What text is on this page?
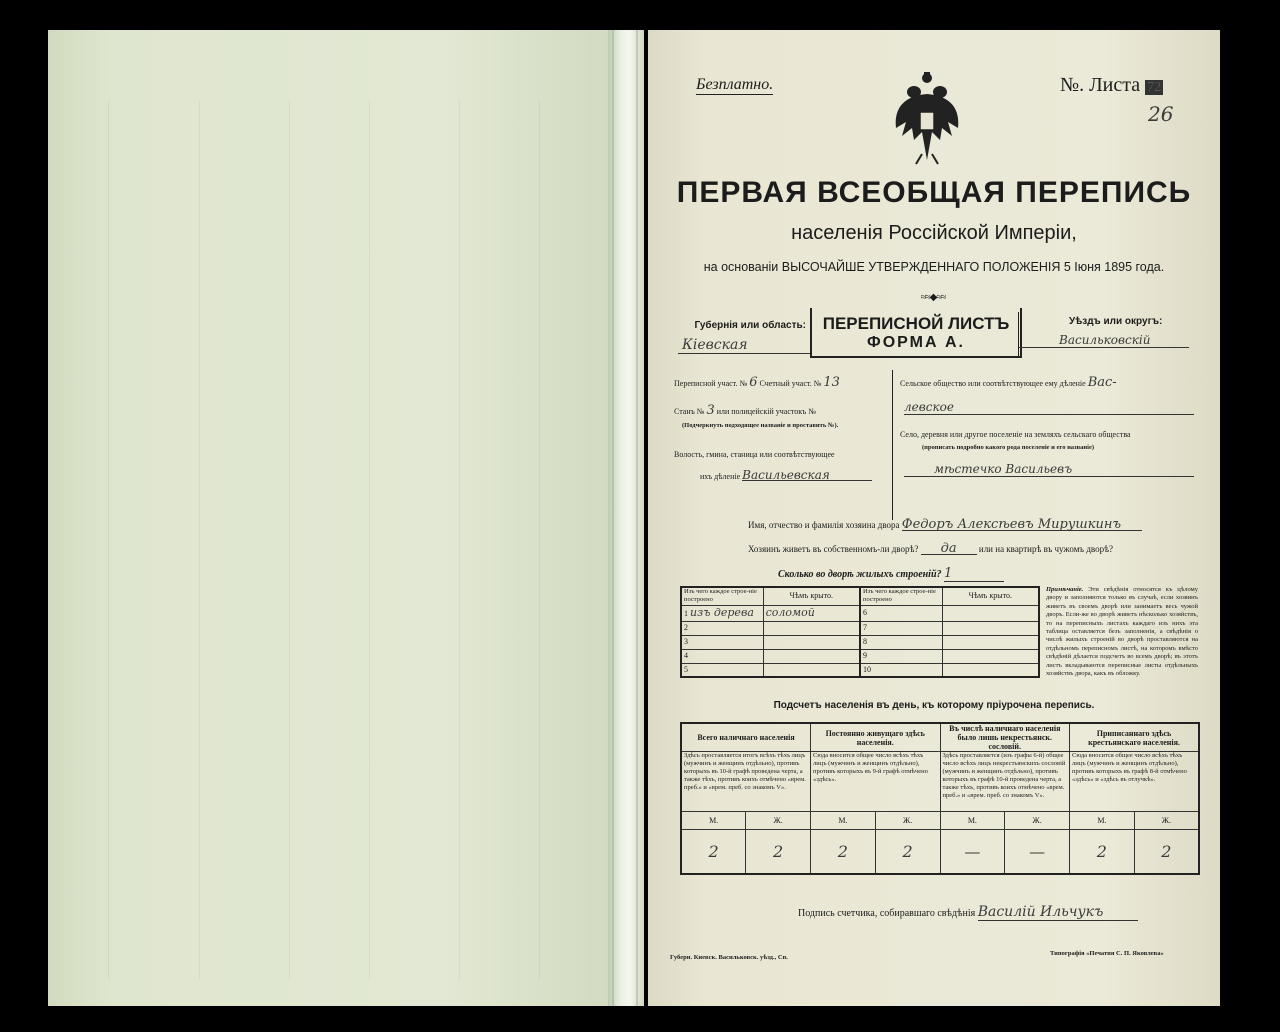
Безплатно.	№. Листа 72
26
ПЕРВАЯ ВСЕОБЩАЯ ПЕРЕПИСЬ
населенія Россійской Имперіи,
на основаніи ВЫСОЧАЙШЕ УТВЕРЖДЕННАГО ПОЛОЖЕНІЯ 5 Іюня 1895 года.
≈≈◆≈≈
Губернія или область:
Кіевская
ПЕРЕПИСНОЙ ЛИСТЪ
ФОРМА А.
Уѣздъ или округъ:
Васильковскій
Переписной участ. № 6 Счетный участ. № 13
Станъ № 3 или полицейскій участокъ №
(Подчеркнуть подходящее названіе и проставить №).
Волость, гмина, станица или соотвѣтствующее
ихъ дѣленіе Васильевская
Сельское общество или соотвѣтствующее ему дѣленіе Вас-
левское
Село, деревня или другое поселеніе на земляхъ сельскаго общества
(прописать подробно какого рода поселеніе и его названіе)
мѣстечко Васильевъ
Имя, отчество и фамилія хозяина двора Федоръ Алексѣевъ Мирушкинъ
Хозяинъ живетъ въ собственномъ-ли дворѣ? да или на квартирѣ въ чужомъ дворѣ?
Сколько во дворѣ жилыхъ строеній? 1
Изъ чего каждое строе-ніе построено	Чѣмъ крыто.	Изъ чего каждое строе-ніе построено	Чѣмъ крыто.
1 изъ дерева	соломой	6	
2		7	
3		8	
4		9	
5		10	
Примѣчаніе. Эти свѣдѣнія относятся къ цѣлому двору и заполняются только въ случаѣ, если хозяинъ живетъ въ своемъ дворѣ или занимаетъ весь чужой дворъ. Если-же во дворѣ живетъ нѣсколько хозяйствъ, то на переписныхъ листахъ каждаго изъ нихъ эта таблица оставляется безъ заполненія, а свѣдѣнія о числѣ жилыхъ строеній во дворѣ проставляются на отдѣльномъ переписномъ листѣ, на которомъ вмѣсто свѣдѣній дѣлается подсчетъ во всемъ дворѣ; въ этотъ листъ вкладываются переписные листы отдѣльныхъ хозяйствъ двора, какъ въ обложку.
Подсчетъ населенія въ день, къ которому пріурочена перепись.
Всего наличнаго населенія		Постоянно живущаго здѣсь населенія.		Въ числѣ наличнаго населенія было лишь некрестьянск. сословій.		Приписаннаго здѣсь крестьянскаго населенія.	
Здѣсь проставляется итогъ всѣхъ тѣхъ лицъ (мужчинъ и женщинъ отдѣльно), противъ которыхъ въ 10-й графѣ проведена черта, а также тѣхъ, противъ коихъ отмѣчено «врем. преб.» и «врем. преб. со знакомъ V».		Сюда вносится общее число всѣхъ тѣхъ лицъ (мужчинъ и женщинъ отдѣльно), противъ которыхъ въ 9-й графѣ отмѣчено «здѣсь».		Здѣсь проставляется (изъ графы 6-й) общее число всѣхъ лицъ некрестьянскихъ сословій (мужчинъ и женщинъ отдѣльно), противъ которыхъ въ графѣ 10-й проведена черта, а также тѣхъ, противъ коихъ отмѣчено «врем. преб.» и «врем. преб. со знакомъ V».		Сюда вносится общее число всѣхъ тѣхъ лицъ (мужчинъ и женщинъ отдѣльно), противъ которыхъ въ графѣ 8-й отмѣчено «здѣсь» и «здѣсь въ отлучкѣ».	
М.	Ж.	М.	Ж.	М.	Ж.	М.	Ж.
2	2	2	2	—	—	2	2
Подпись счетчика, собиравшаго свѣдѣнія Василій Ильчукъ
Губерн. Киевск. Васильковск. уѣзд., Сп.
Типографія «Печатня С. П. Яковлева»
